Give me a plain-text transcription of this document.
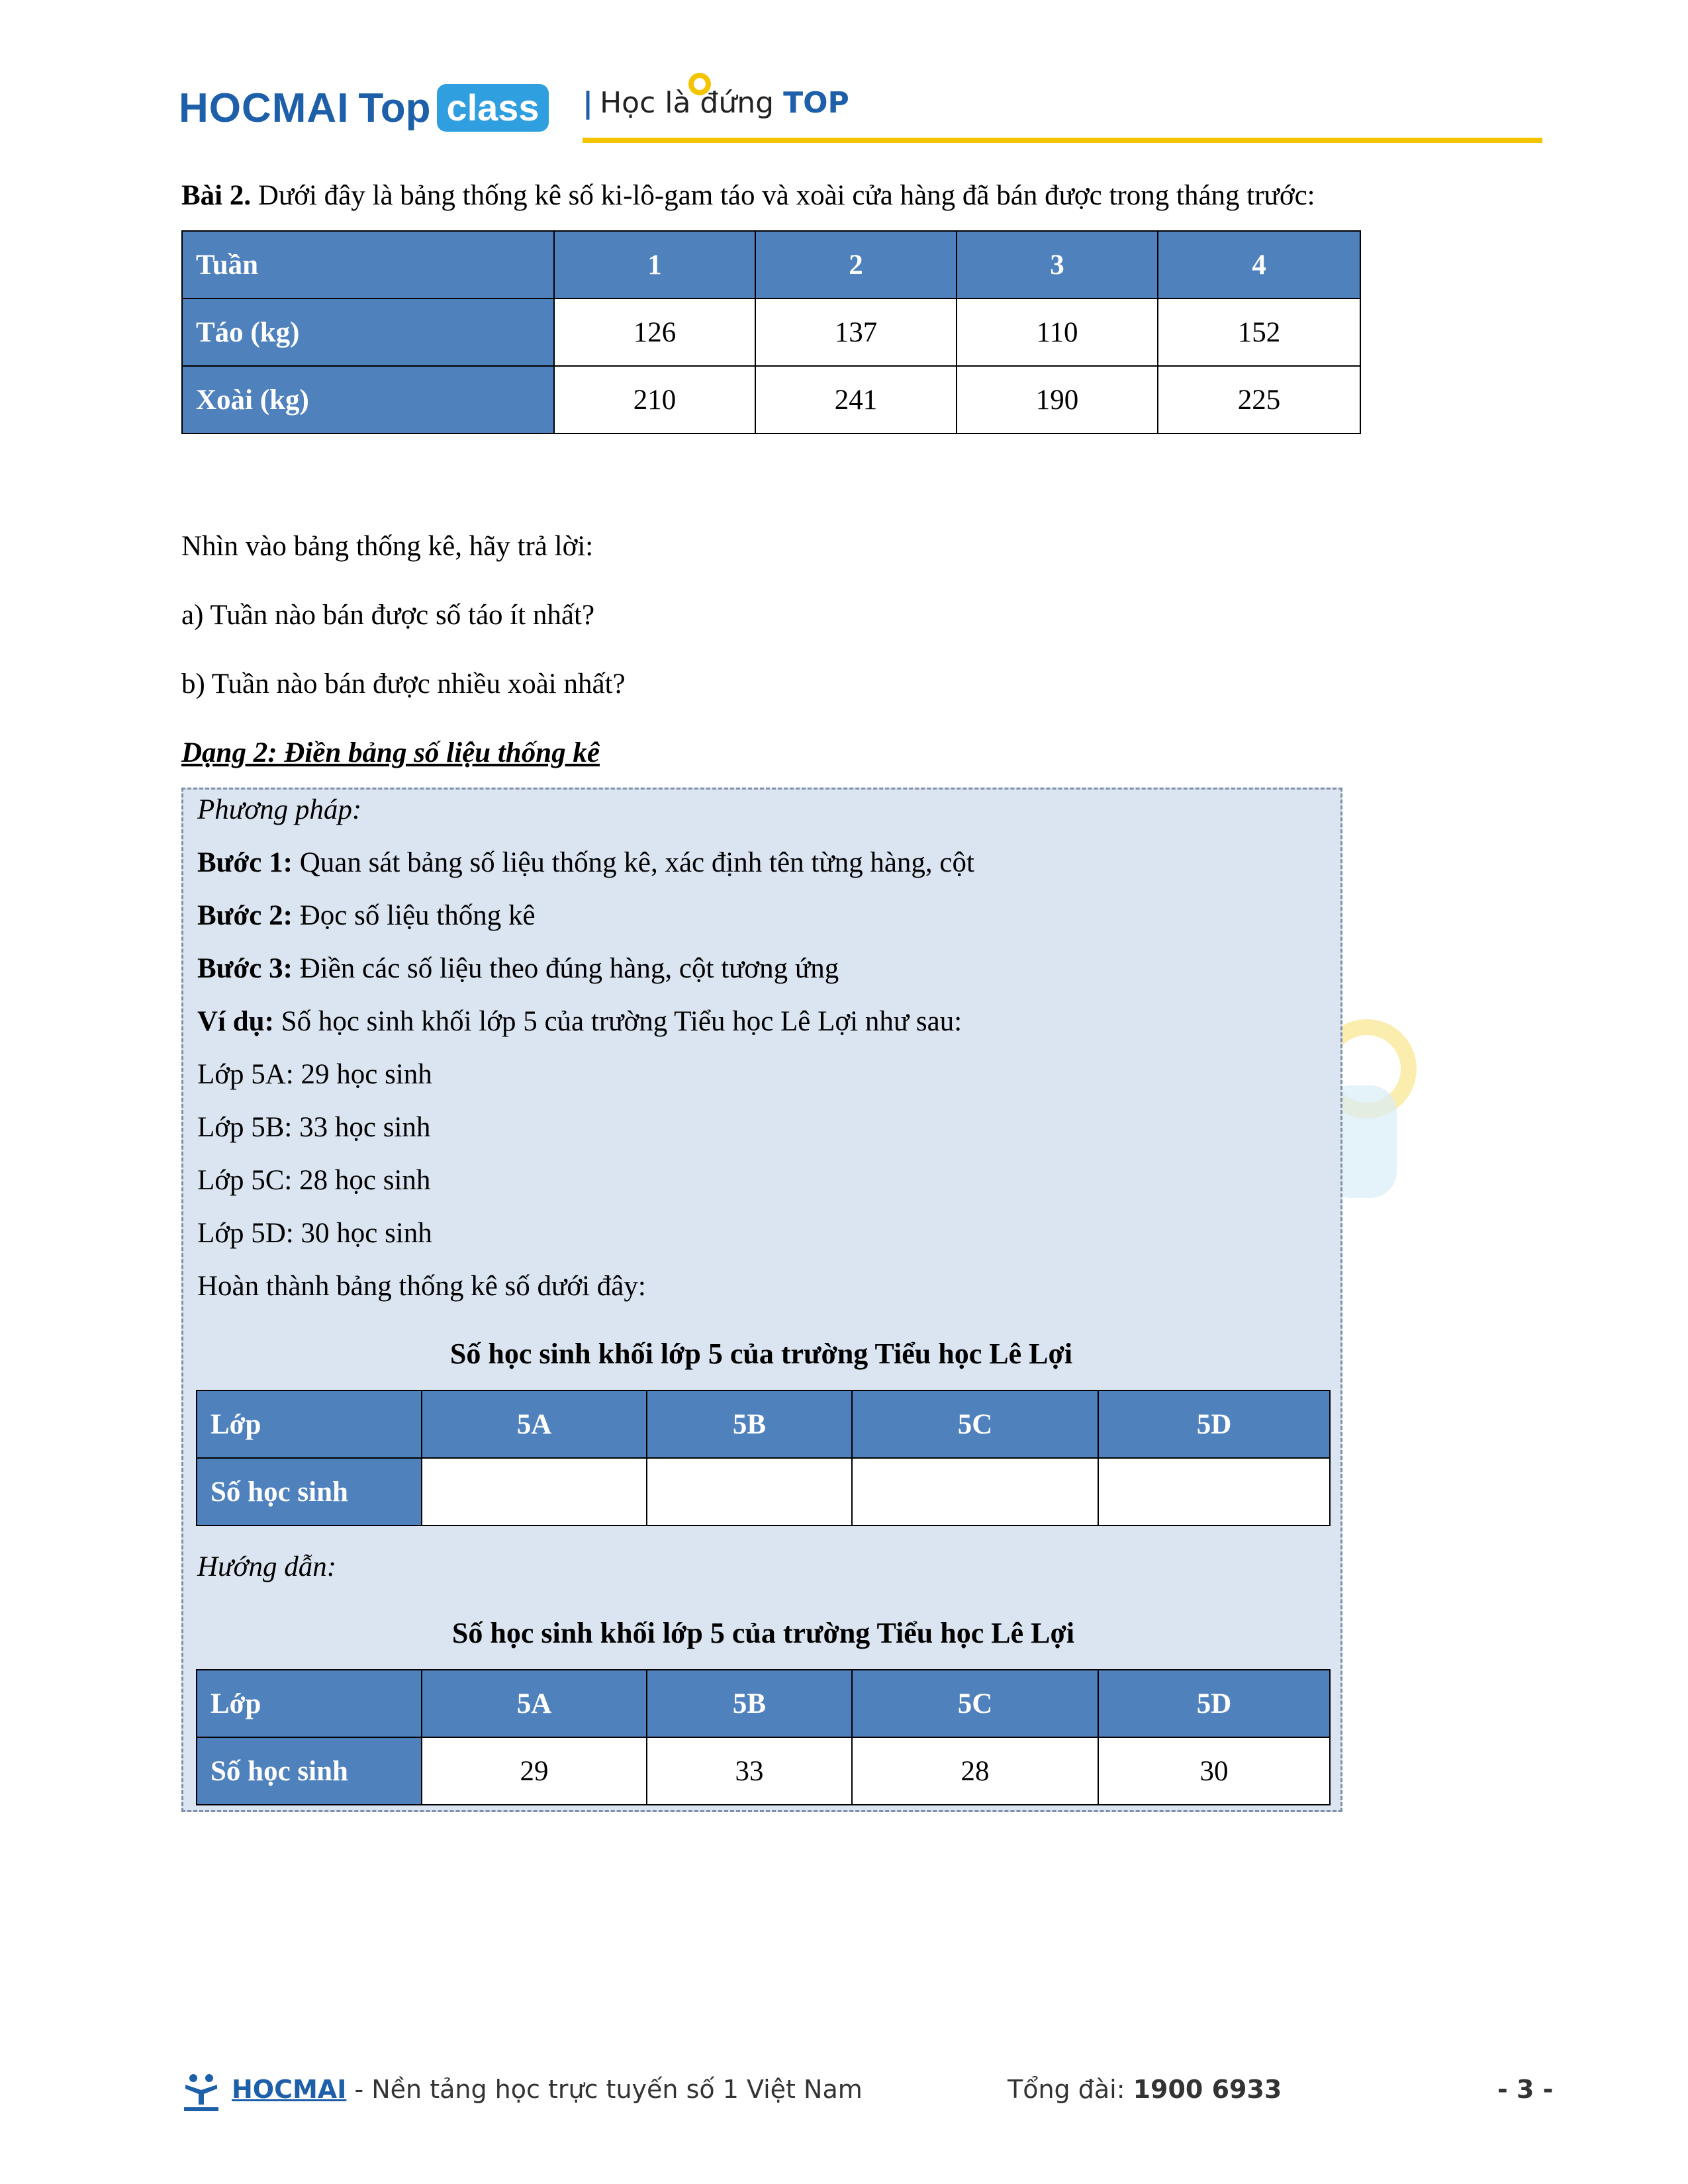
HOCMAI Top class	| Học là đứng TOP
Bài 2. Dưới đây là bảng thống kê số ki-lô-gam táo và xoài cửa hàng đã bán được trong tháng trước:
Tuần	1	2	3	4
Táo (kg)	126	137	110	152
Xoài (kg)	210	241	190	225
Nhìn vào bảng thống kê, hãy trả lời:
a) Tuần nào bán được số táo ít nhất?
b) Tuần nào bán được nhiều xoài nhất?
Dạng 2: Điền bảng số liệu thống kê
Phương pháp:
Bước 1: Quan sát bảng số liệu thống kê, xác định tên từng hàng, cột
Bước 2: Đọc số liệu thống kê
Bước 3: Điền các số liệu theo đúng hàng, cột tương ứng
Ví dụ: Số học sinh khối lớp 5 của trường Tiểu học Lê Lợi như sau:
Lớp 5A: 29 học sinh
Lớp 5B: 33 học sinh
Lớp 5C: 28 học sinh
Lớp 5D: 30 học sinh
Hoàn thành bảng thống kê số dưới đây:
Số học sinh khối lớp 5 của trường Tiểu học Lê Lợi
Lớp	5A	5B	5C	5D
Số học sinh				
Hướng dẫn:
Số học sinh khối lớp 5 của trường Tiểu học Lê Lợi
Lớp	5A	5B	5C	5D
Số học sinh	29	33	28	30
HOCMAI - Nền tảng học trực tuyến số 1 Việt Nam	Tổng đài: 1900 6933	- 3 -
